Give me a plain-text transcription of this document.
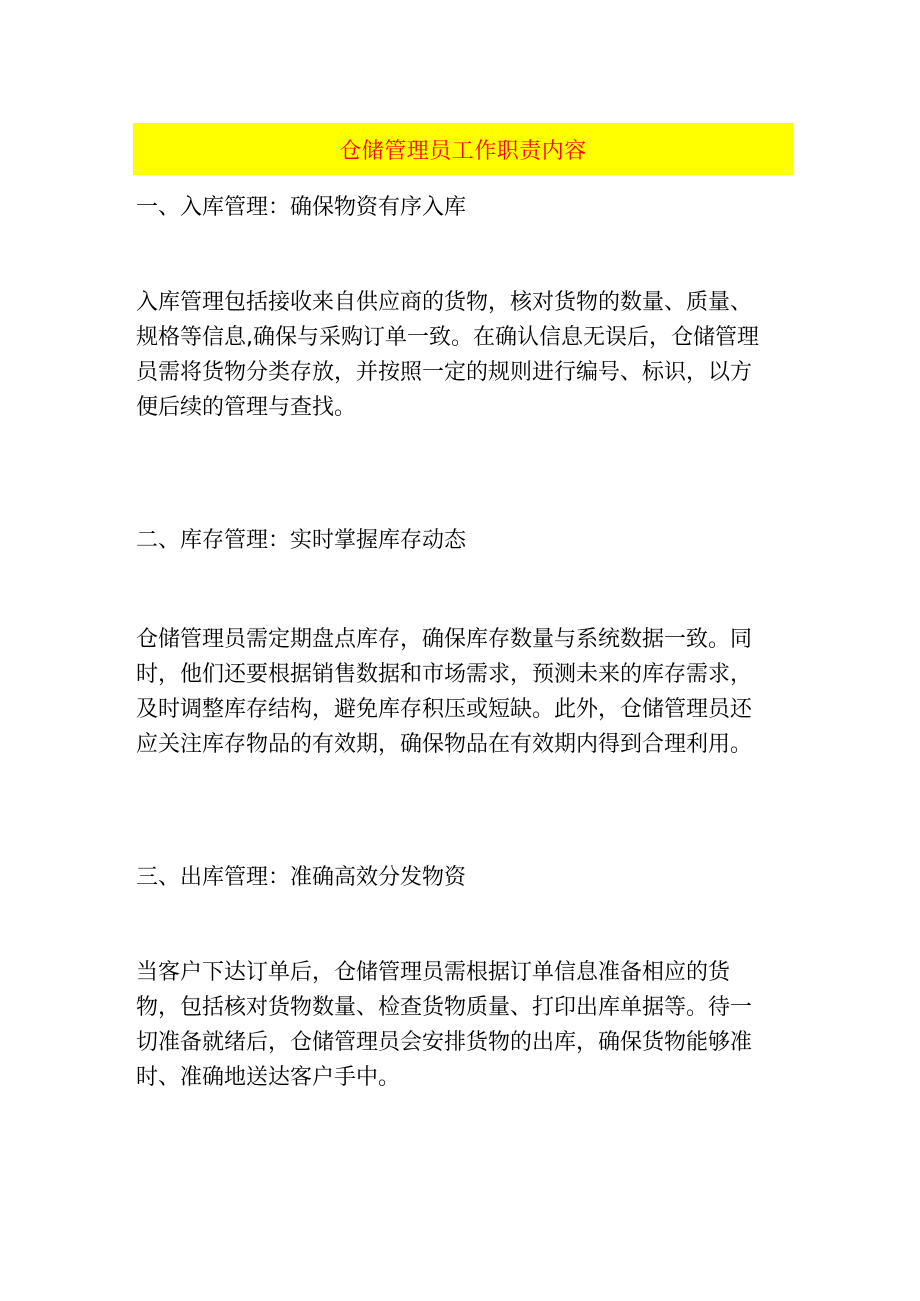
仓储管理员工作职责内容
一、入库管理：确保物资有序入库
入库管理包括接收来自供应商的货物，核对货物的数量、质量、
规格等信息,确保与采购订单一致。在确认信息无误后，仓储管理
员需将货物分类存放，并按照一定的规则进行编号、标识，以方
便后续的管理与查找。
二、库存管理：实时掌握库存动态
仓储管理员需定期盘点库存，确保库存数量与系统数据一致。同
时，他们还要根据销售数据和市场需求，预测未来的库存需求，
及时调整库存结构，避免库存积压或短缺。此外，仓储管理员还
应关注库存物品的有效期，确保物品在有效期内得到合理利用。
三、出库管理：准确高效分发物资
当客户下达订单后，仓储管理员需根据订单信息准备相应的货
物，包括核对货物数量、检查货物质量、打印出库单据等。待一
切准备就绪后，仓储管理员会安排货物的出库，确保货物能够准
时、准确地送达客户手中。
